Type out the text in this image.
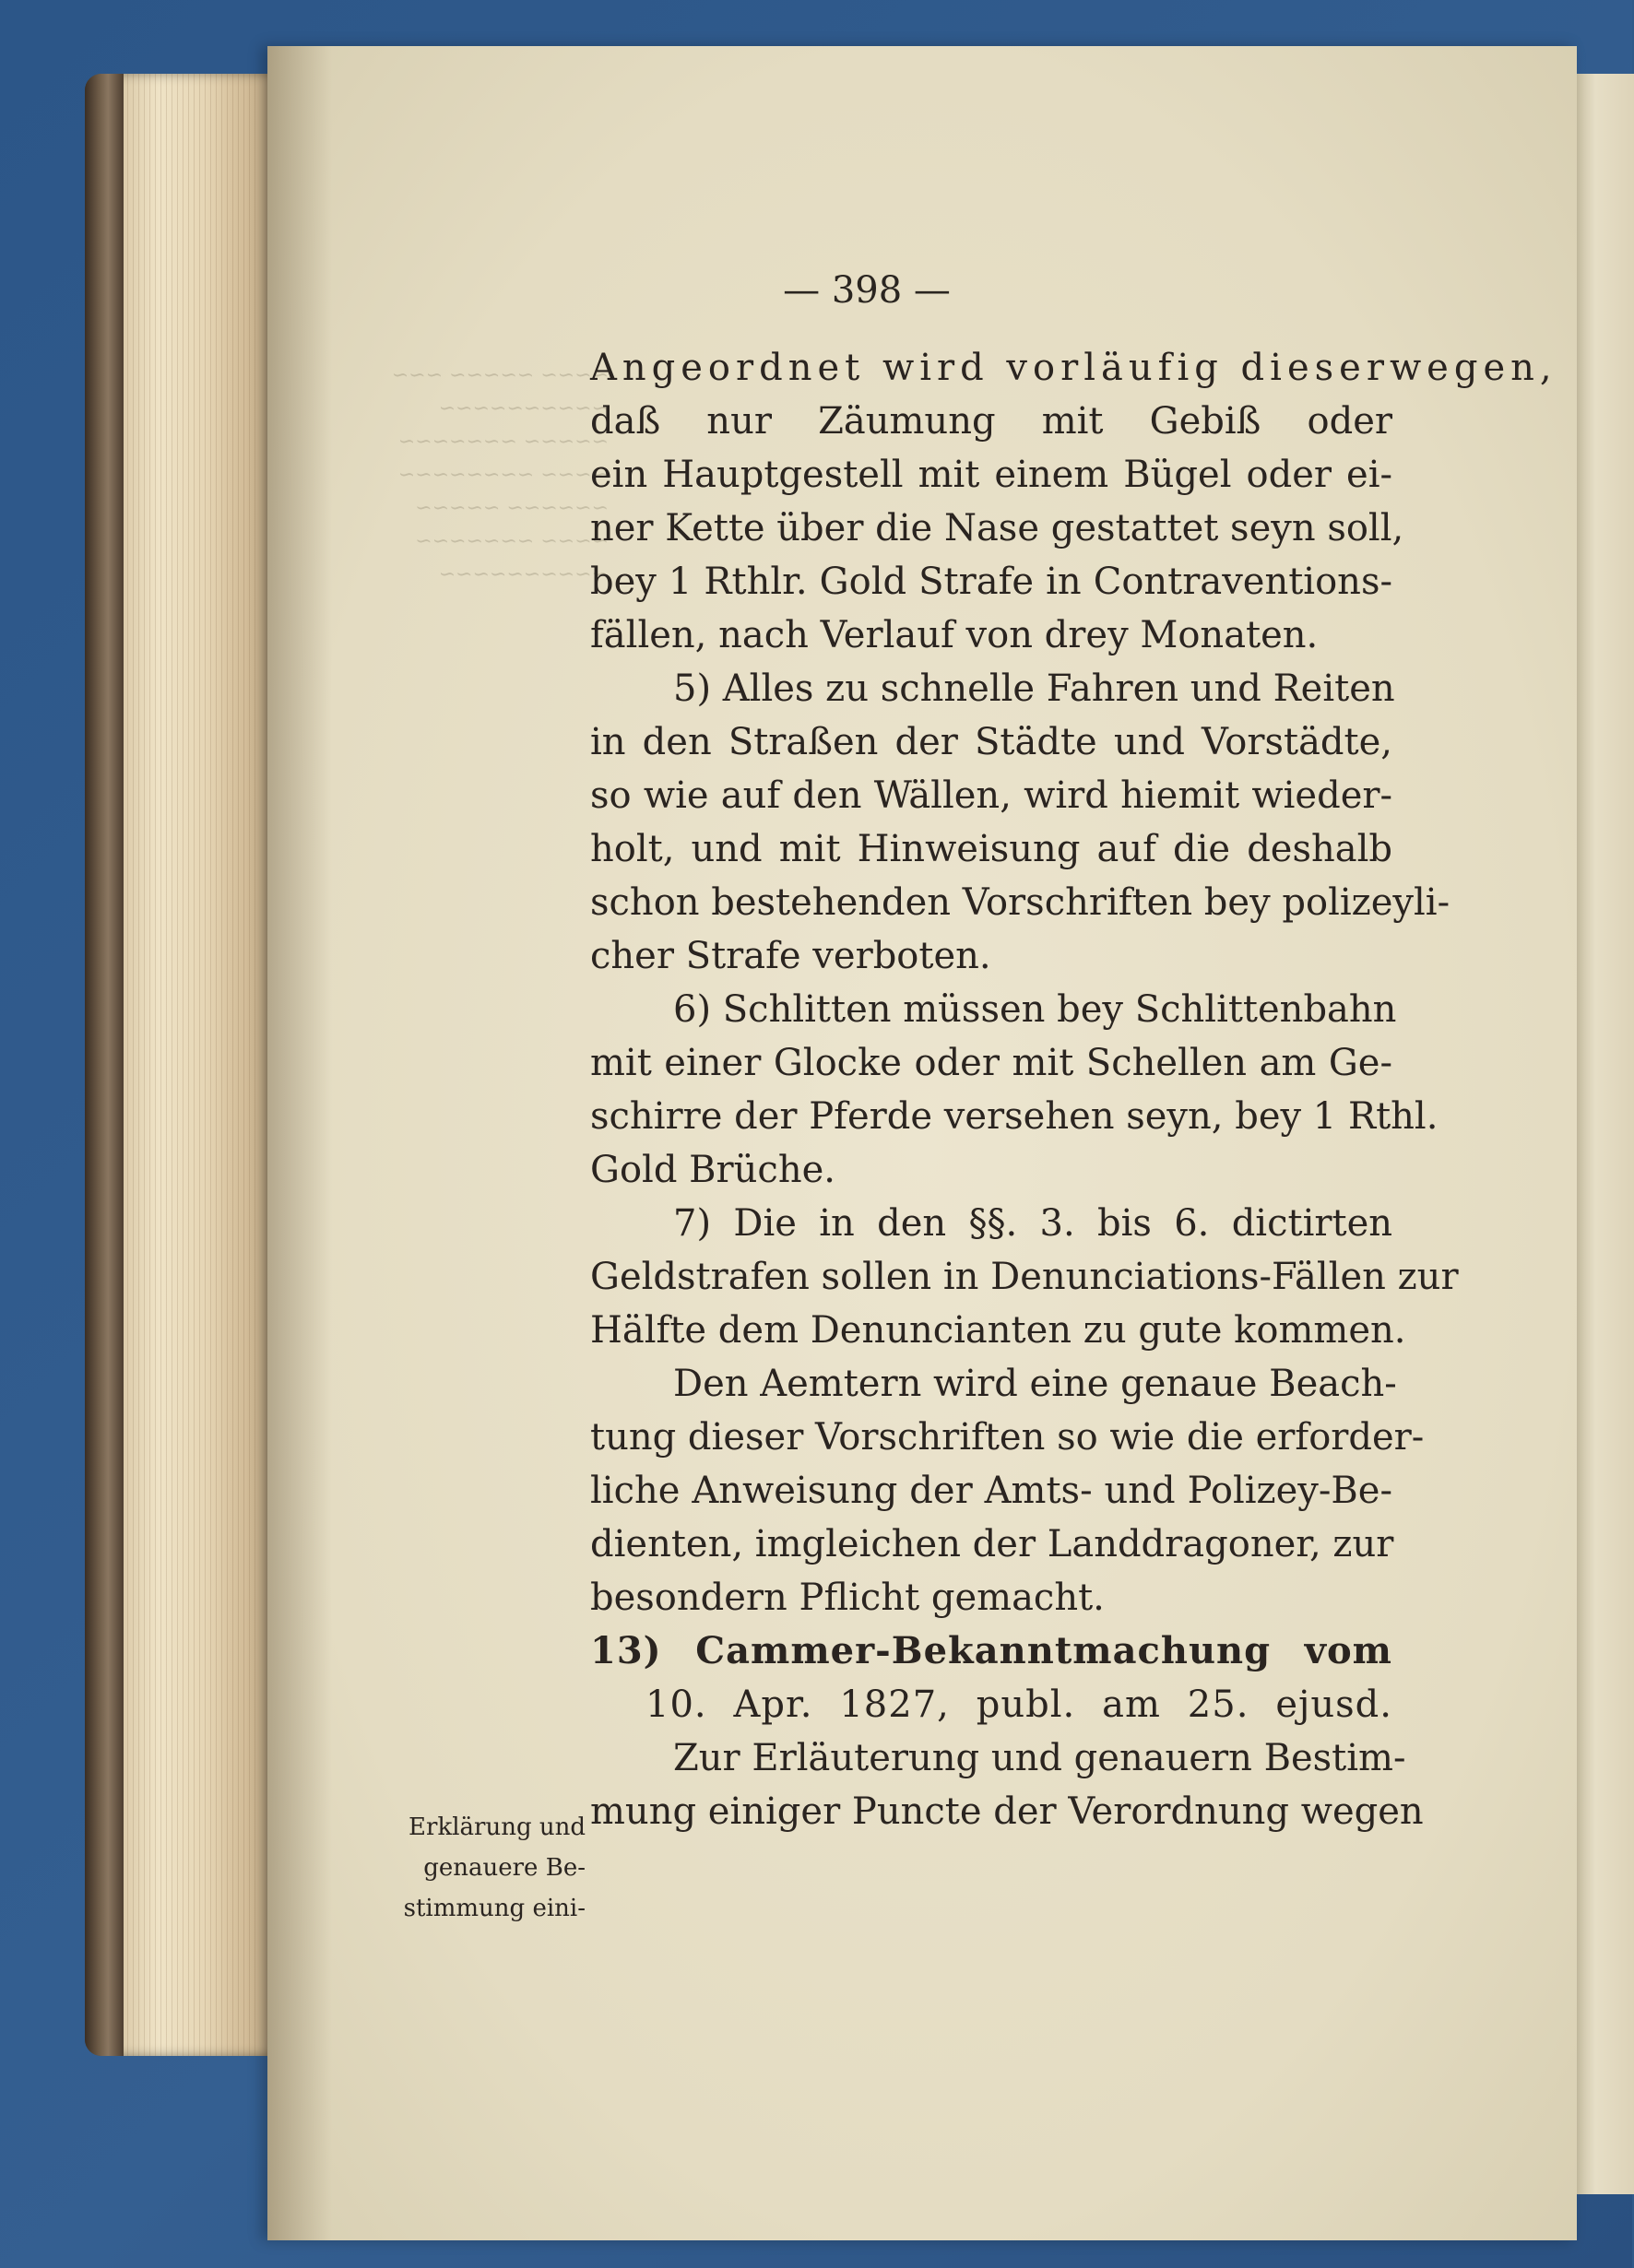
~~~~ ~~~~~ ~~~
~~~~~~~~~~
~~~~~ ~~~~~~~
~~~~ ~~~~~~~~
~~~~~~ ~~~~~
~~~~ ~~~~~~~
~~~~~~~~~~
— 398 —
Angeordnet wird vorläufig dieserwegen,
daß nur Zäumung mit Gebiß oder
ein Hauptgestell mit einem Bügel oder ei-
ner Kette über die Nase gestattet seyn soll,
bey 1 Rthlr. Gold Strafe in Contraventions-
fällen, nach Verlauf von drey Monaten.
5) Alles zu schnelle Fahren und Reiten
in den Straßen der Städte und Vorstädte,
so wie auf den Wällen, wird hiemit wieder-
holt, und mit Hinweisung auf die deshalb
schon bestehenden Vorschriften bey polizeyli-
cher Strafe verboten.
6) Schlitten müssen bey Schlittenbahn
mit einer Glocke oder mit Schellen am Ge-
schirre der Pferde versehen seyn, bey 1 Rthl.
Gold Brüche.
7) Die in den §§. 3. bis 6. dictirten
Geldstrafen sollen in Denunciations-Fällen zur
Hälfte dem Denuncianten zu gute kommen.
Den Aemtern wird eine genaue Beach-
tung dieser Vorschriften so wie die erforder-
liche Anweisung der Amts- und Polizey-Be-
dienten, imgleichen der Landdragoner, zur
besondern Pflicht gemacht.
13) Cammer-Bekanntmachung vom
10. Apr. 1827, publ. am 25. ejusd.
Zur Erläuterung und genauern Bestim-
mung einiger Puncte der Verordnung wegen
Erklärung und
genauere Be-
stimmung eini-
